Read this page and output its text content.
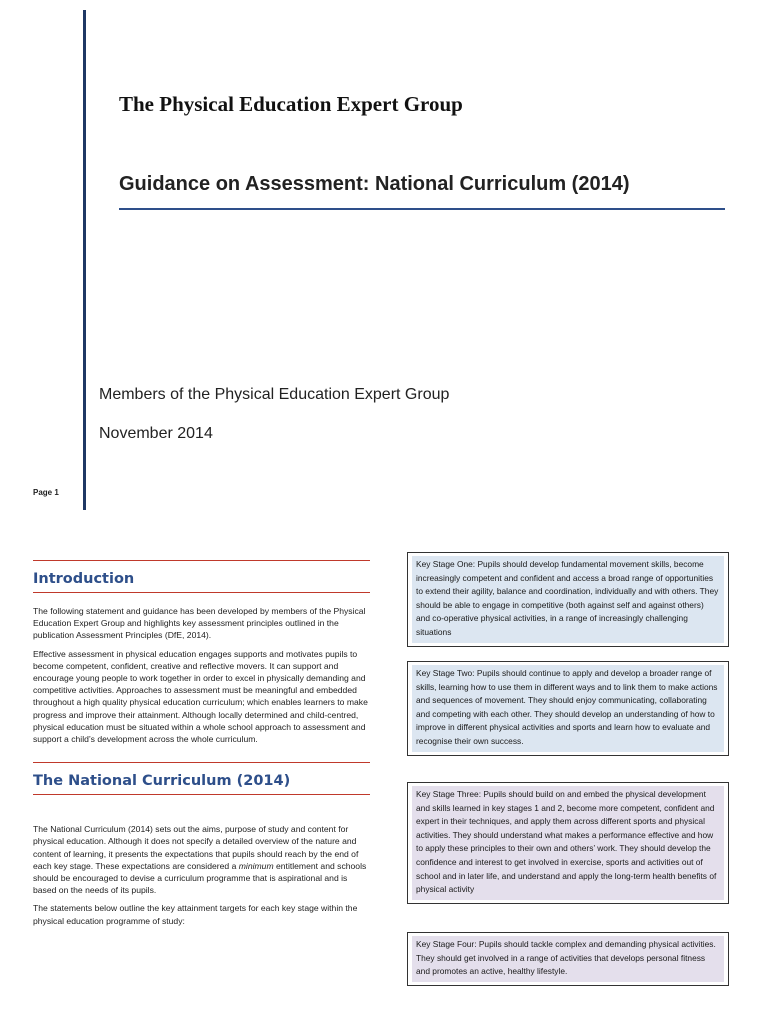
The Physical Education Expert Group
Guidance on Assessment: National Curriculum (2014)
Members of the Physical Education Expert Group
November 2014
Page 1
Introduction

The following statement and guidance has been developed by members of the Physical Education Expert Group and highlights key assessment principles outlined in the publication Assessment Principles (DfE, 2014).

Effective assessment in physical education engages supports and motivates pupils to become competent, confident, creative and reflective movers. It can support and encourage young people to work together in order to excel in physically demanding and competitive activities. Approaches to assessment must be meaningful and embedded throughout a high quality physical education curriculum; which enables learners to make progress and improve their attainment. Although locally determined and child-centred, physical education must be situated within a whole school approach to assessment and support a child’s development across the whole curriculum.

The National Curriculum (2014)

The National Curriculum (2014) sets out the aims, purpose of study and content for physical education. Although it does not specify a detailed overview of the nature and content of learning, it presents the expectations that pupils should reach by the end of each key stage. These expectations are considered a minimum entitlement and schools should be encouraged to devise a curriculum programme that is aspirational and is based on the needs of its pupils.

The statements below outline the key attainment targets for each key stage within the physical education programme of study:

Key Stage One: Pupils should develop fundamental movement skills, become increasingly competent and confident and access a broad range of opportunities to extend their agility, balance and coordination, individually and with others. They should be able to engage in competitive (both against self and against others) and co-operative physical activities, in a range of increasingly challenging situations
Key Stage Two: Pupils should continue to apply and develop a broader range of skills, learning how to use them in different ways and to link them to make actions and sequences of movement. They should enjoy communicating, collaborating and competing with each other. They should develop an understanding of how to improve in different physical activities and sports and learn how to evaluate and recognise their own success.
Key Stage Three: Pupils should build on and embed the physical development and skills learned in key stages 1 and 2, become more competent, confident and expert in their techniques, and apply them across different sports and physical activities. They should understand what makes a performance effective and how to apply these principles to their own and others’ work. They should develop the confidence and interest to get involved in exercise, sports and activities out of school and in later life, and understand and apply the long-term health benefits of physical activity
Key Stage Four: Pupils should tackle complex and demanding physical activities. They should get involved in a range of activities that develops personal fitness and promotes an active, healthy lifestyle.
